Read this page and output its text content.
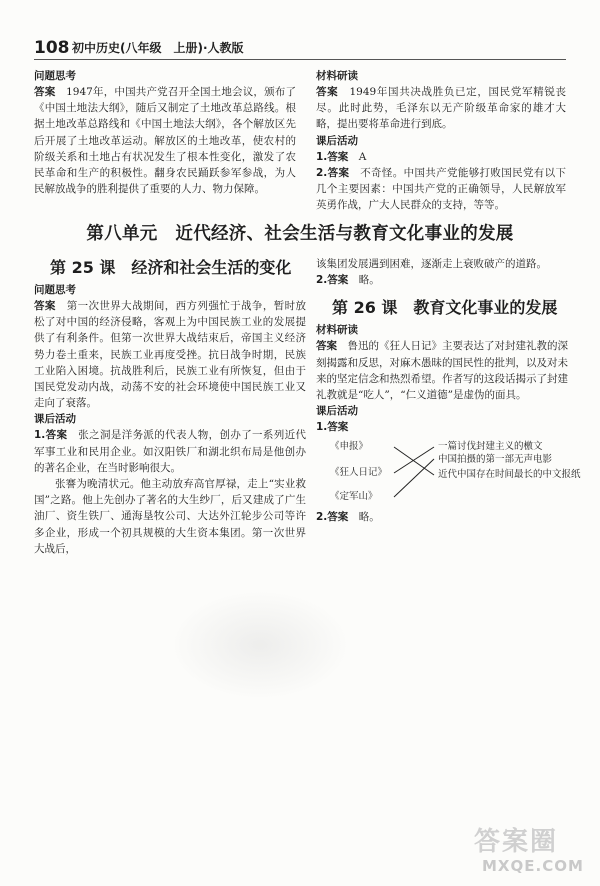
108 初中历史(八年级　上册)·人教版
问题思考
答案　1947年，中国共产党召开全国土地会议，颁布了《中国土地法大纲》，随后又制定了土地改革总路线。根据土地改革总路线和《中国土地法大纲》，各个解放区先后开展了土地改革运动。解放区的土地改革，使农村的阶级关系和土地占有状况发生了根本性变化，激发了农民革命和生产的积极性。翻身农民踊跃参军参战，为人民解放战争的胜利提供了重要的人力、物力保障。
材料研读
答案　1949年国共决战胜负已定，国民党军精锐丧尽。此时此势，毛泽东以无产阶级革命家的雄才大略，提出要将革命进行到底。
课后活动
1.答案　A
2.答案　不奇怪。中国共产党能够打败国民党有以下几个主要因素：中国共产党的正确领导，人民解放军英勇作战，广大人民群众的支持，等等。
第八单元　近代经济、社会生活与教育文化事业的发展
第 25 课 经济和社会生活的变化
问题思考
答案　第一次世界大战期间，西方列强忙于战争，暂时放松了对中国的经济侵略，客观上为中国民族工业的发展提供了有利条件。但第一次世界大战结束后，帝国主义经济势力卷土重来，民族工业再度受挫。抗日战争时期，民族工业陷入困境。抗战胜利后，民族工业有所恢复，但由于国民党发动内战，动荡不安的社会环境使中国民族工业又走向了衰落。
课后活动
1.答案　张之洞是洋务派的代表人物，创办了一系列近代军事工业和民用企业。如汉阳铁厂和湖北织布局是他创办的著名企业，在当时影响很大。
张謇为晚清状元。他主动放弃高官厚禄，走上“实业救国”之路。他上先创办了著名的大生纱厂，后又建成了广生油厂、资生铁厂、通海垦牧公司、大达外江轮步公司等许多企业，形成一个初具规模的大生资本集团。第一次世界大战后，
该集团发展遇到困难，逐渐走上衰败破产的道路。
2.答案　略。
第 26 课 教育文化事业的发展
材料研读
答案　鲁迅的《狂人日记》主要表达了对封建礼教的深刻揭露和反思，对麻木愚昧的国民性的批判，以及对未来的坚定信念和热烈希望。作者写的这段话揭示了封建礼教就是“吃人”，“仁义道德”是虚伪的面具。
课后活动
1.答案
《申报》
《狂人日记》
《定军山》
一篇讨伐封建主义的檄文
中国拍摄的第一部无声电影
近代中国存在时间最长的中文报纸
2.答案　略。
答案圈
MXQE.COM
